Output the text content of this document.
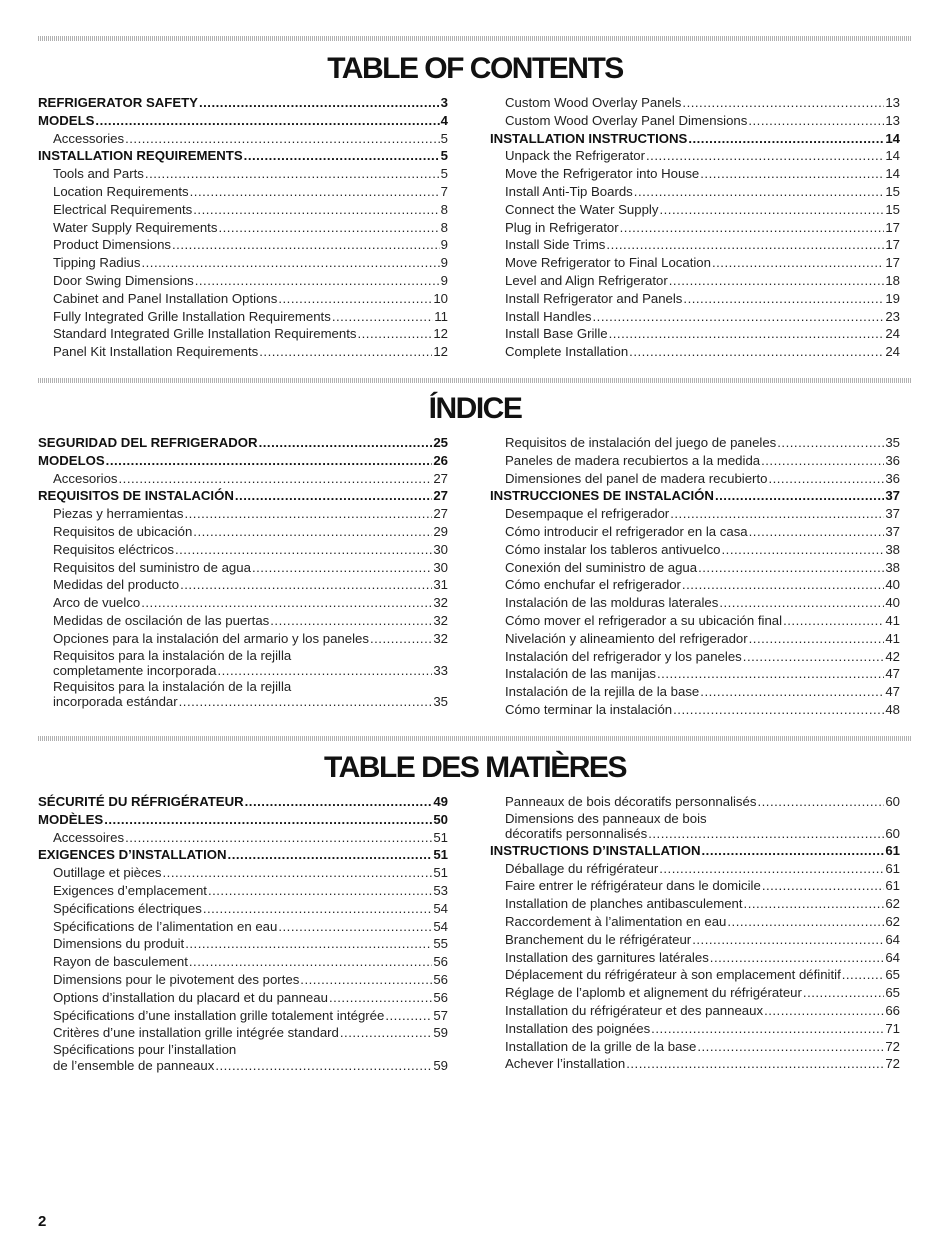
TABLE OF CONTENTS
REFRIGERATOR SAFETY .....	3
MODELS .....	4
Accessories .....	5
INSTALLATION REQUIREMENTS .....	5
Tools and Parts .....	5
Location Requirements .....	7
Electrical Requirements .....	8
Water Supply Requirements .....	8
Product Dimensions .....	9
Tipping Radius .....	9
Door Swing Dimensions .....	9
Cabinet and Panel Installation Options .....	10
Fully Integrated Grille Installation Requirements .....	11
Standard Integrated Grille Installation Requirements .....	12
Panel Kit Installation Requirements .....	12
Custom Wood Overlay Panels .....	13
Custom Wood Overlay Panel Dimensions .....	13
INSTALLATION INSTRUCTIONS .....	14
Unpack the Refrigerator .....	14
Move the Refrigerator into House .....	14
Install Anti-Tip Boards .....	15
Connect the Water Supply .....	15
Plug in Refrigerator .....	17
Install Side Trims .....	17
Move Refrigerator to Final Location .....	17
Level and Align Refrigerator .....	18
Install Refrigerator and Panels .....	19
Install Handles .....	23
Install Base Grille .....	24
Complete Installation .....	24
ÍNDICE
SEGURIDAD DEL REFRIGERADOR .....	25
MODELOS .....	26
Accesorios .....	27
REQUISITOS DE INSTALACIÓN .....	27
Piezas y herramientas .....	27
Requisitos de ubicación .....	29
Requisitos eléctricos .....	30
Requisitos del suministro de agua .....	30
Medidas del producto .....	31
Arco de vuelco .....	32
Medidas de oscilación de las puertas .....	32
Opciones para la instalación del armario y los paneles .....	32
Requisitos para la instalación de la rejilla
completamente incorporada .....	33
Requisitos para la instalación de la rejilla
incorporada estándar .....	35
Requisitos de instalación del juego de paneles .....	35
Paneles de madera recubiertos a la medida .....	36
Dimensiones del panel de madera recubierto .....	36
INSTRUCCIONES DE INSTALACIÓN .....	37
Desempaque el refrigerador .....	37
Cómo introducir el refrigerador en la casa .....	37
Cómo instalar los tableros antivuelco .....	38
Conexión del suministro de agua .....	38
Cómo enchufar el refrigerador .....	40
Instalación de las molduras laterales .....	40
Cómo mover el refrigerador a su ubicación final .....	41
Nivelación y alineamiento del refrigerador .....	41
Instalación del refrigerador y los paneles .....	42
Instalación de las manijas .....	47
Instalación de la rejilla de la base .....	47
Cómo terminar la instalación .....	48
TABLE DES MATIÈRES
SÉCURITÉ DU RÉFRIGÉRATEUR .....	49
MODÈLES .....	50
Accessoires .....	51
EXIGENCES D’INSTALLATION .....	51
Outillage et pièces .....	51
Exigences d’emplacement .....	53
Spécifications électriques .....	54
Spécifications de l’alimentation en eau .....	54
Dimensions du produit .....	55
Rayon de basculement .....	56
Dimensions pour le pivotement des portes .....	56
Options d’installation du placard et du panneau .....	56
Spécifications d’une installation grille totalement intégrée .....	57
Critères d’une installation grille intégrée standard .....	59
Spécifications pour l’installation
de l’ensemble de panneaux .....	59
Panneaux de bois décoratifs personnalisés .....	60
Dimensions des panneaux de bois
décoratifs personnalisés .....	60
INSTRUCTIONS D’INSTALLATION .....	61
Déballage du réfrigérateur .....	61
Faire entrer le réfrigérateur dans le domicile .....	61
Installation de planches antibasculement .....	62
Raccordement à l’alimentation en eau .....	62
Branchement du le réfrigérateur .....	64
Installation des garnitures latérales .....	64
Déplacement du réfrigérateur à son emplacement définitif .....	65
Réglage de l’aplomb et alignement du réfrigérateur .....	65
Installation du réfrigérateur et des panneaux .....	66
Installation des poignées .....	71
Installation de la grille de la base .....	72
Achever l’installation .....	72
2
